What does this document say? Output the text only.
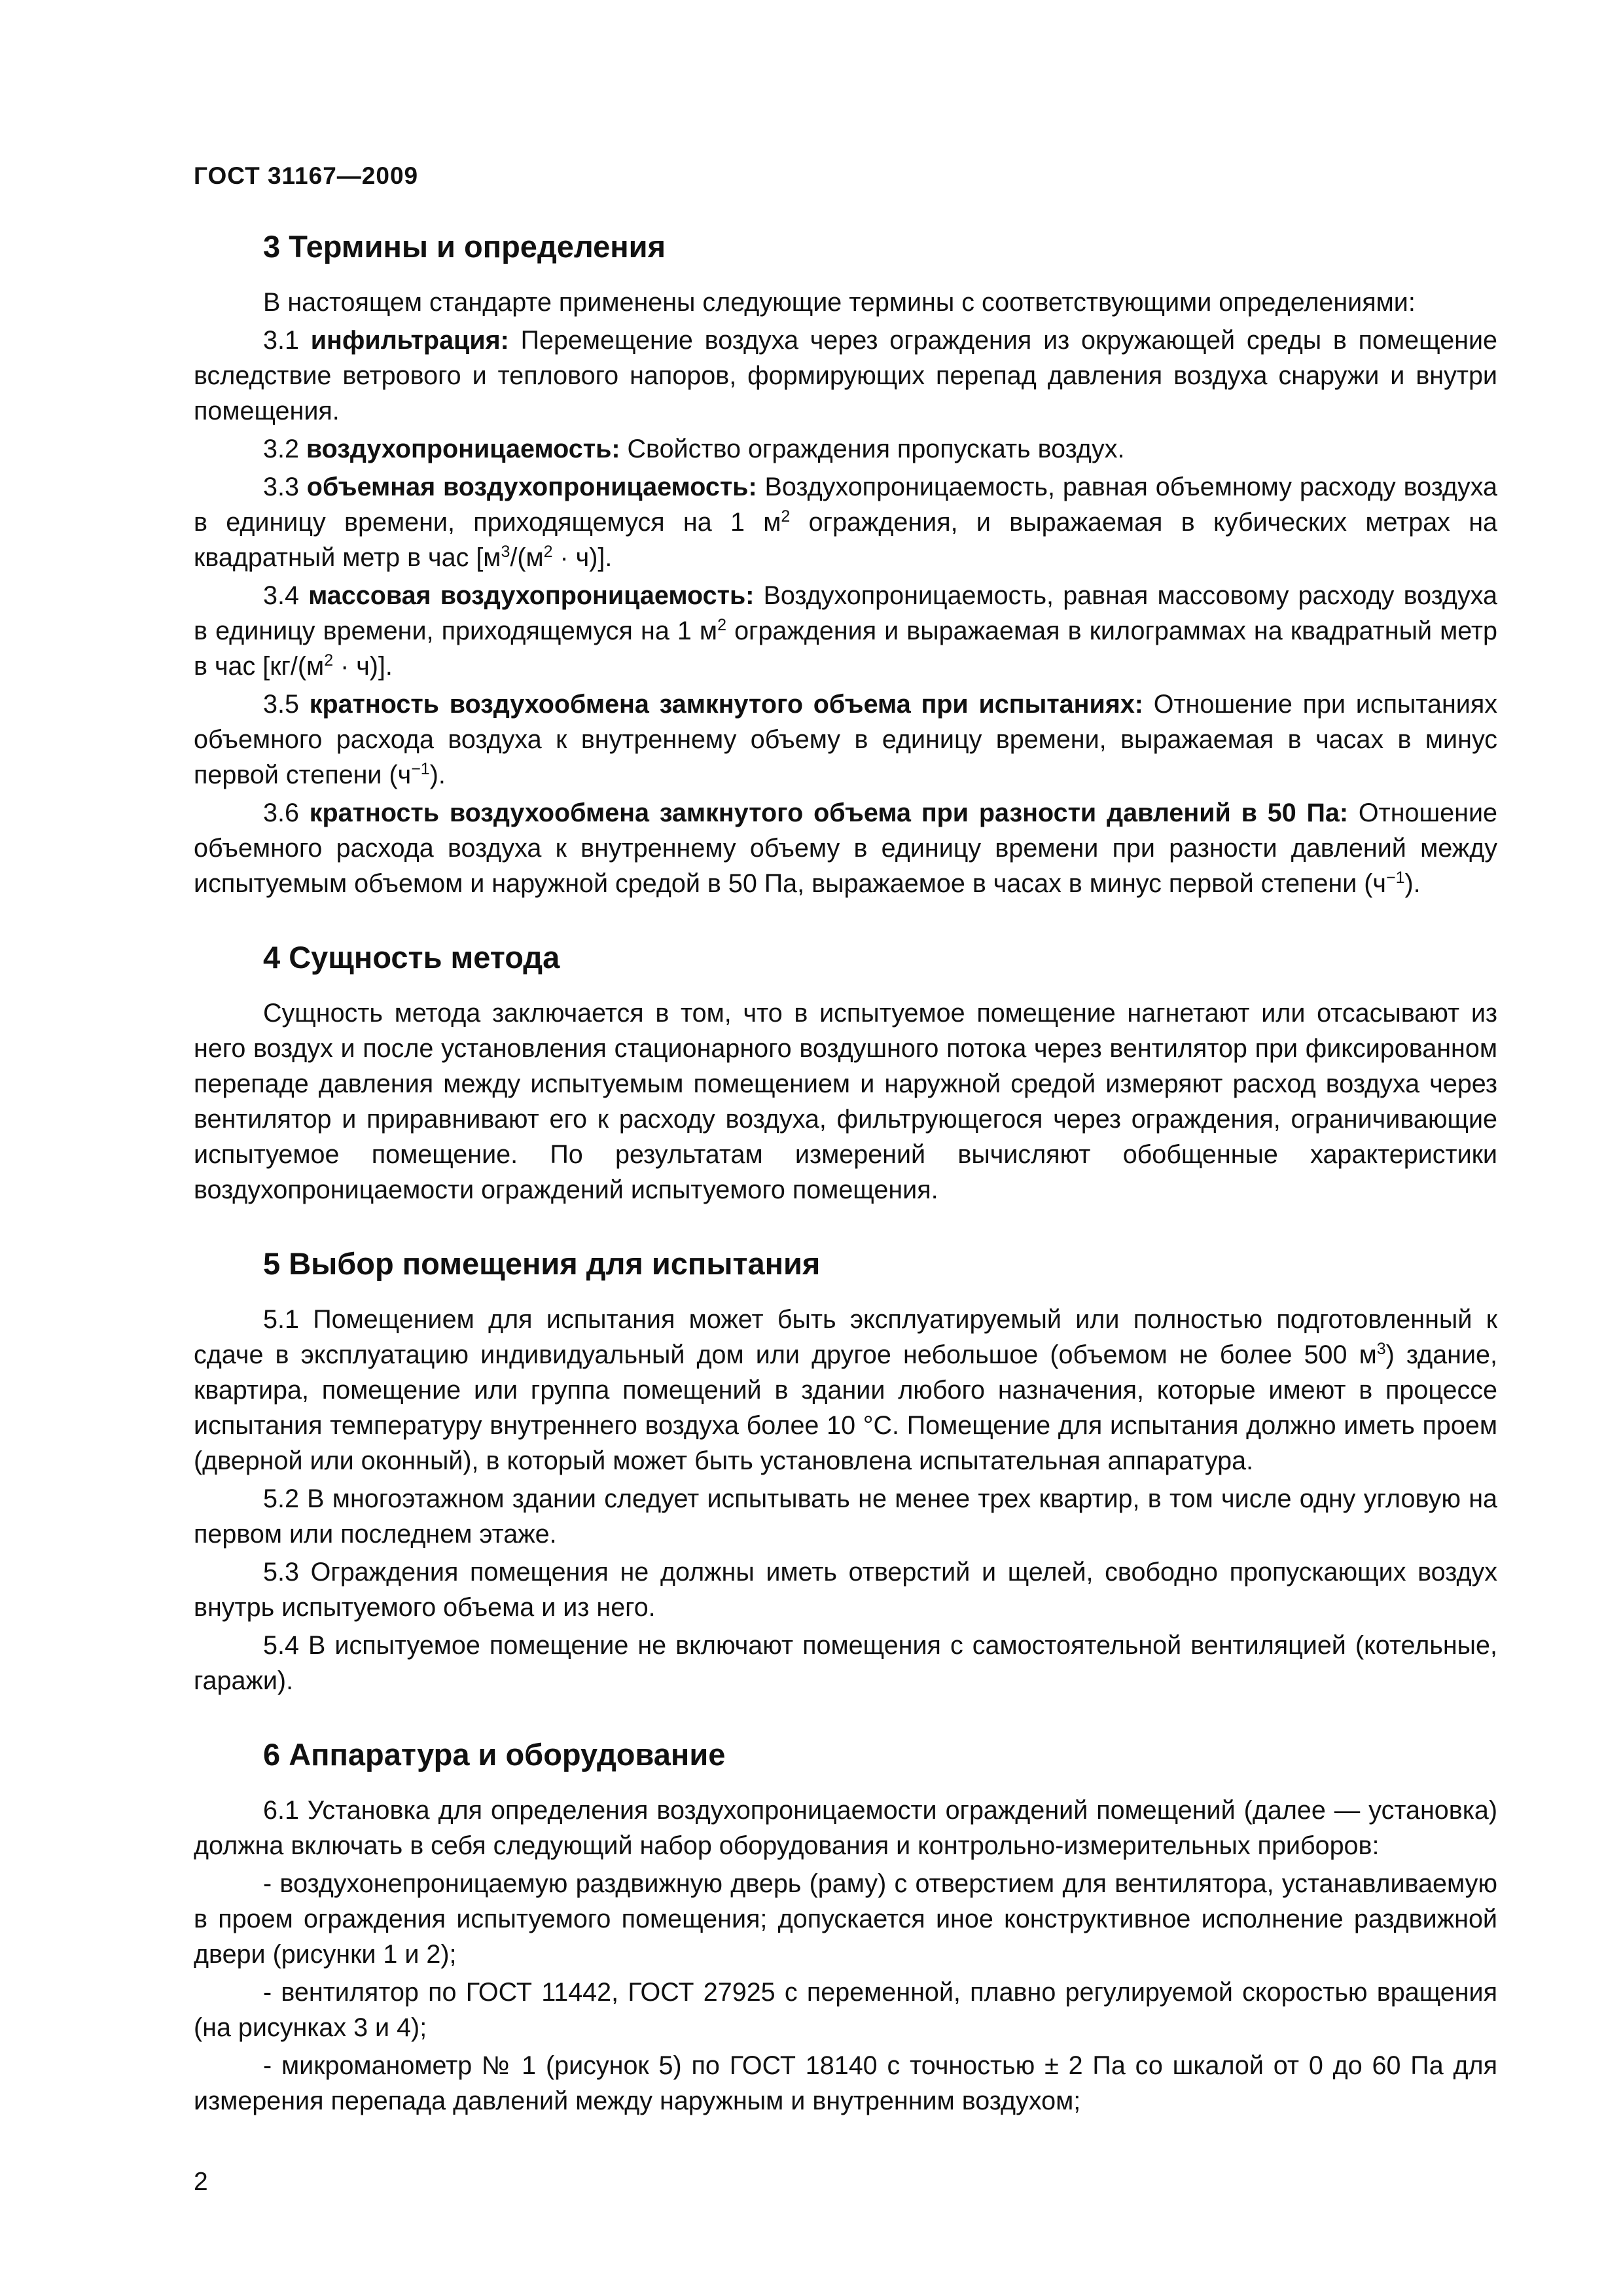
ГОСТ 31167—2009
3 Термины и определения

В настоящем стандарте применены следующие термины с соответствующими определениями:

3.1 инфильтрация: Перемещение воздуха через ограждения из окружающей среды в помещение вследствие ветрового и теплового напоров, формирующих перепад давления воздуха снаружи и внутри помещения.

3.2 воздухопроницаемость: Свойство ограждения пропускать воздух.

3.3 объемная воздухопроницаемость: Воздухопроницаемость, равная объемному расходу воздуха в единицу времени, приходящемуся на 1 $м^2$ ограждения, и выражаемая в кубических метрах на квадратный метр в час $[м^3/(м^2 \cdot ч)]$.

3.4 массовая воздухопроницаемость: Воздухопроницаемость, равная массовому расходу воздуха в единицу времени, приходящемуся на 1 $м^2$ ограждения и выражаемая в килограммах на квадратный метр в час $[кг/(м^2 \cdot ч)]$.

3.5 кратность воздухообмена замкнутого объема при испытаниях: Отношение при испытаниях объемного расхода воздуха к внутреннему объему в единицу времени, выражаемая в часах в минус первой степени $(ч^{-1})$.

3.6 кратность воздухообмена замкнутого объема при разности давлений в 50 Па: Отношение объемного расхода воздуха к внутреннему объему в единицу времени при разности давлений между испытуемым объемом и наружной средой в 50 Па, выражаемое в часах в минус первой степени $(ч^{-1})$.

4 Сущность метода

Сущность метода заключается в том, что в испытуемое помещение нагнетают или отсасывают из него воздух и после установления стационарного воздушного потока через вентилятор при фиксированном перепаде давления между испытуемым помещением и наружной средой измеряют расход воздуха через вентилятор и приравнивают его к расходу воздуха, фильтрующегося через ограждения, ограничивающие испытуемое помещение. По результатам измерений вычисляют обобщенные характеристики воздухопроницаемости ограждений испытуемого помещения.

5 Выбор помещения для испытания

5.1 Помещением для испытания может быть эксплуатируемый или полностью подготовленный к сдаче в эксплуатацию индивидуальный дом или другое небольшое (объемом не более 500 $м^3$) здание, квартира, помещение или группа помещений в здании любого назначения, которые имеют в процессе испытания температуру внутреннего воздуха более 10 °С. Помещение для испытания должно иметь проем (дверной или оконный), в который может быть установлена испытательная аппаратура.

5.2 В многоэтажном здании следует испытывать не менее трех квартир, в том числе одну угловую на первом или последнем этаже.

5.3 Ограждения помещения не должны иметь отверстий и щелей, свободно пропускающих воздух внутрь испытуемого объема и из него.

5.4 В испытуемое помещение не включают помещения с самостоятельной вентиляцией (котельные, гаражи).

6 Аппаратура и оборудование

6.1 Установка для определения воздухопроницаемости ограждений помещений (далее — установка) должна включать в себя следующий набор оборудования и контрольно-измерительных приборов:

- воздухонепроницаемую раздвижную дверь (раму) с отверстием для вентилятора, устанавливаемую в проем ограждения испытуемого помещения; допускается иное конструктивное исполнение раздвижной двери (рисунки 1 и 2);

- вентилятор по ГОСТ 11442, ГОСТ 27925 с переменной, плавно регулируемой скоростью вращения (на рисунках 3 и 4);

- микроманометр № 1 (рисунок 5) по ГОСТ 18140 с точностью ± 2 Па со шкалой от 0 до 60 Па для измерения перепада давлений между наружным и внутренним воздухом;

2
